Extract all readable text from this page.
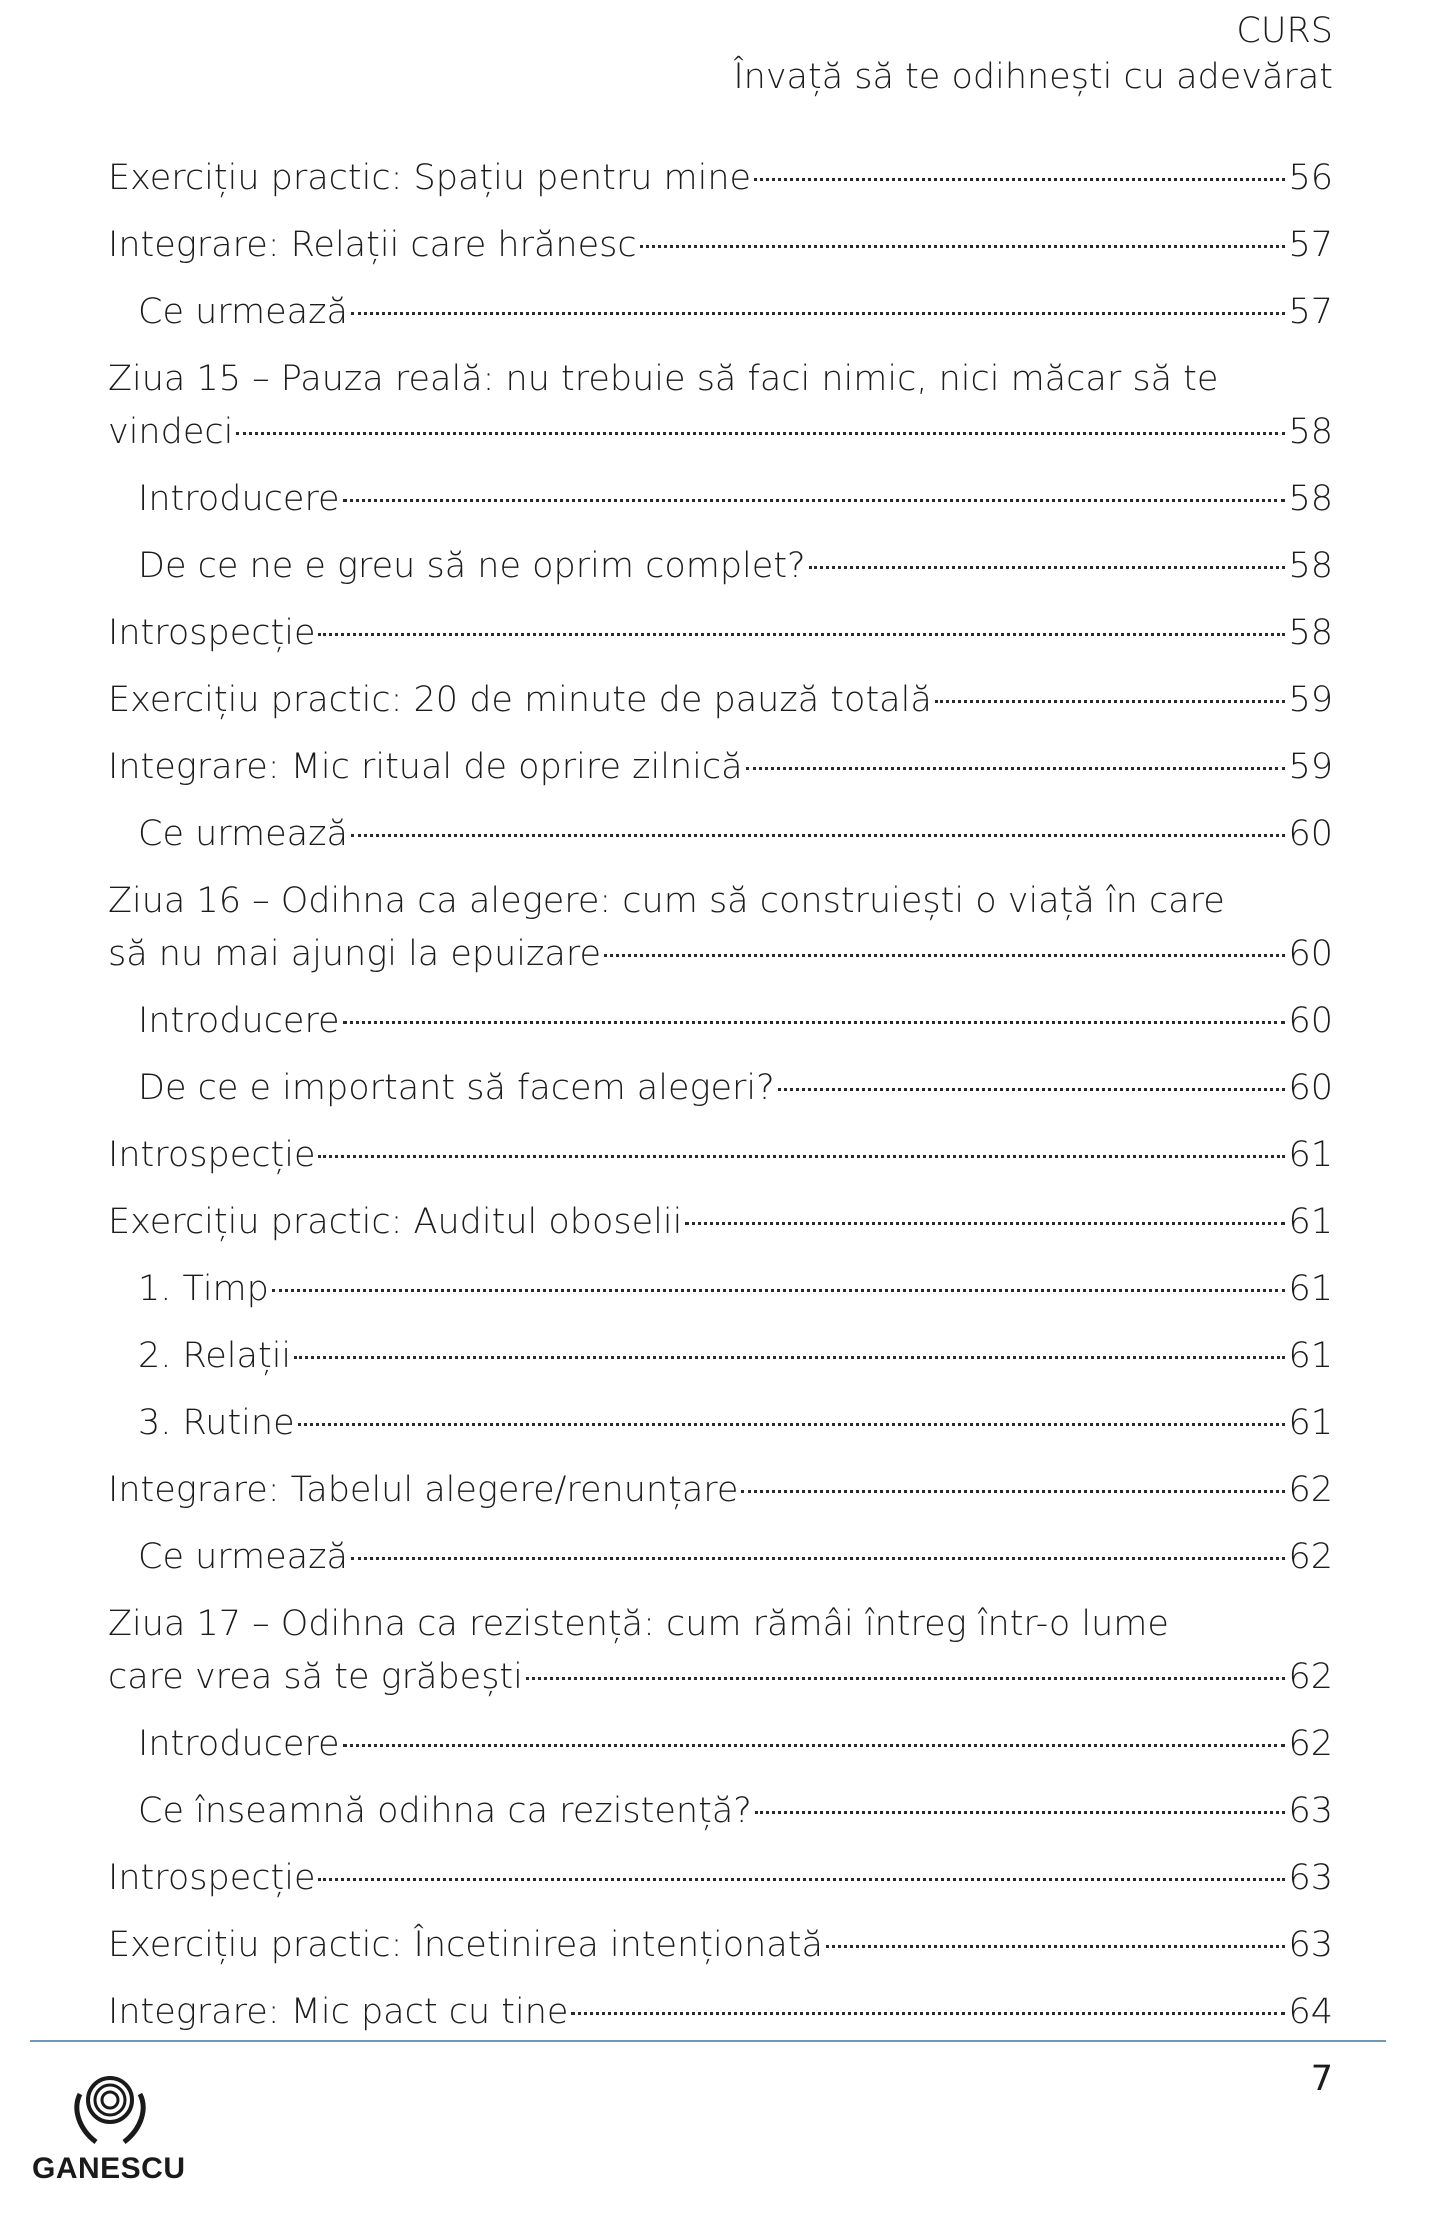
CURS
Învață să te odihnești cu adevărat
Exercițiu practic: Spațiu pentru mine	56
Integrare: Relații care hrănesc	57
Ce urmează	57
Ziua 15 – Pauza reală: nu trebuie să faci nimic, nici măcar să te
vindeci	58
Introducere	58
De ce ne e greu să ne oprim complet?	58
Introspecție	58
Exercițiu practic: 20 de minute de pauză totală	59
Integrare: Mic ritual de oprire zilnică	59
Ce urmează	60
Ziua 16 – Odihna ca alegere: cum să construiești o viață în care
să nu mai ajungi la epuizare	60
Introducere	60
De ce e important să facem alegeri?	60
Introspecție	61
Exercițiu practic: Auditul oboselii	61
1. Timp	61
2. Relații	61
3. Rutine	61
Integrare: Tabelul alegere/renunțare	62
Ce urmează	62
Ziua 17 – Odihna ca rezistență: cum rămâi întreg într-o lume
care vrea să te grăbești	62
Introducere	62
Ce înseamnă odihna ca rezistență?	63
Introspecție	63
Exercițiu practic: Încetinirea intenționată	63
Integrare: Mic pact cu tine	64
7
GANESCU
